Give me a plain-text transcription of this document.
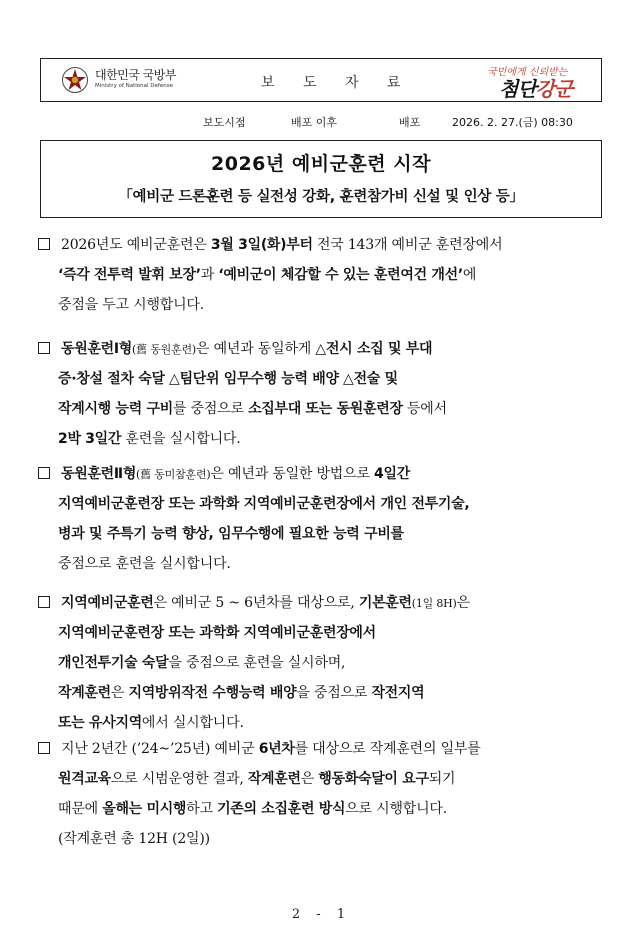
대한민국 국방부
Ministry of National Defense	보 도 자 료
국민에게 신뢰받는
첨단강군
보도시점	배포 이후	배포	2026. 2. 27.(금) 08:30
2026년 예비군훈련 시작
「예비군 드론훈련 등 실전성 강화, 훈련참가비 신설 및 인상 등」
2026년도 예비군훈련은 3월 3일(화)부터 전국 143개 예비군 훈련장에서
‘즉각 전투력 발휘 보장’과 ‘예비군이 체감할 수 있는 훈련여건 개선’에
중점을 두고 시행합니다.
동원훈련Ⅰ형(舊 동원훈련)은 예년과 동일하게 △전시 소집 및 부대
증·창설 절차 숙달 △팀단위 임무수행 능력 배양 △전술 및
작계시행 능력 구비를 중점으로 소집부대 또는 동원훈련장 등에서
2박 3일간 훈련을 실시합니다.
동원훈련Ⅱ형(舊 동미참훈련)은 예년과 동일한 방법으로 4일간
지역예비군훈련장 또는 과학화 지역예비군훈련장에서 개인 전투기술,
병과 및 주특기 능력 향상, 임무수행에 필요한 능력 구비를
중점으로 훈련을 실시합니다.
지역예비군훈련은 예비군 5 ~ 6년차를 대상으로, 기본훈련(1일 8H)은
지역예비군훈련장 또는 과학화 지역예비군훈련장에서
개인전투기술 숙달을 중점으로 훈련을 실시하며,
작계훈련은 지역방위작전 수행능력 배양을 중점으로 작전지역
또는 유사지역에서 실시합니다.
지난 2년간 (’24~’25년) 예비군 6년차를 대상으로 작계훈련의 일부를
원격교육으로 시범운영한 결과, 작계훈련은 행동화숙달이 요구되기
때문에 올해는 미시행하고 기존의 소집훈련 방식으로 시행합니다.
(작계훈련 총 12H (2일))
2 - 1
